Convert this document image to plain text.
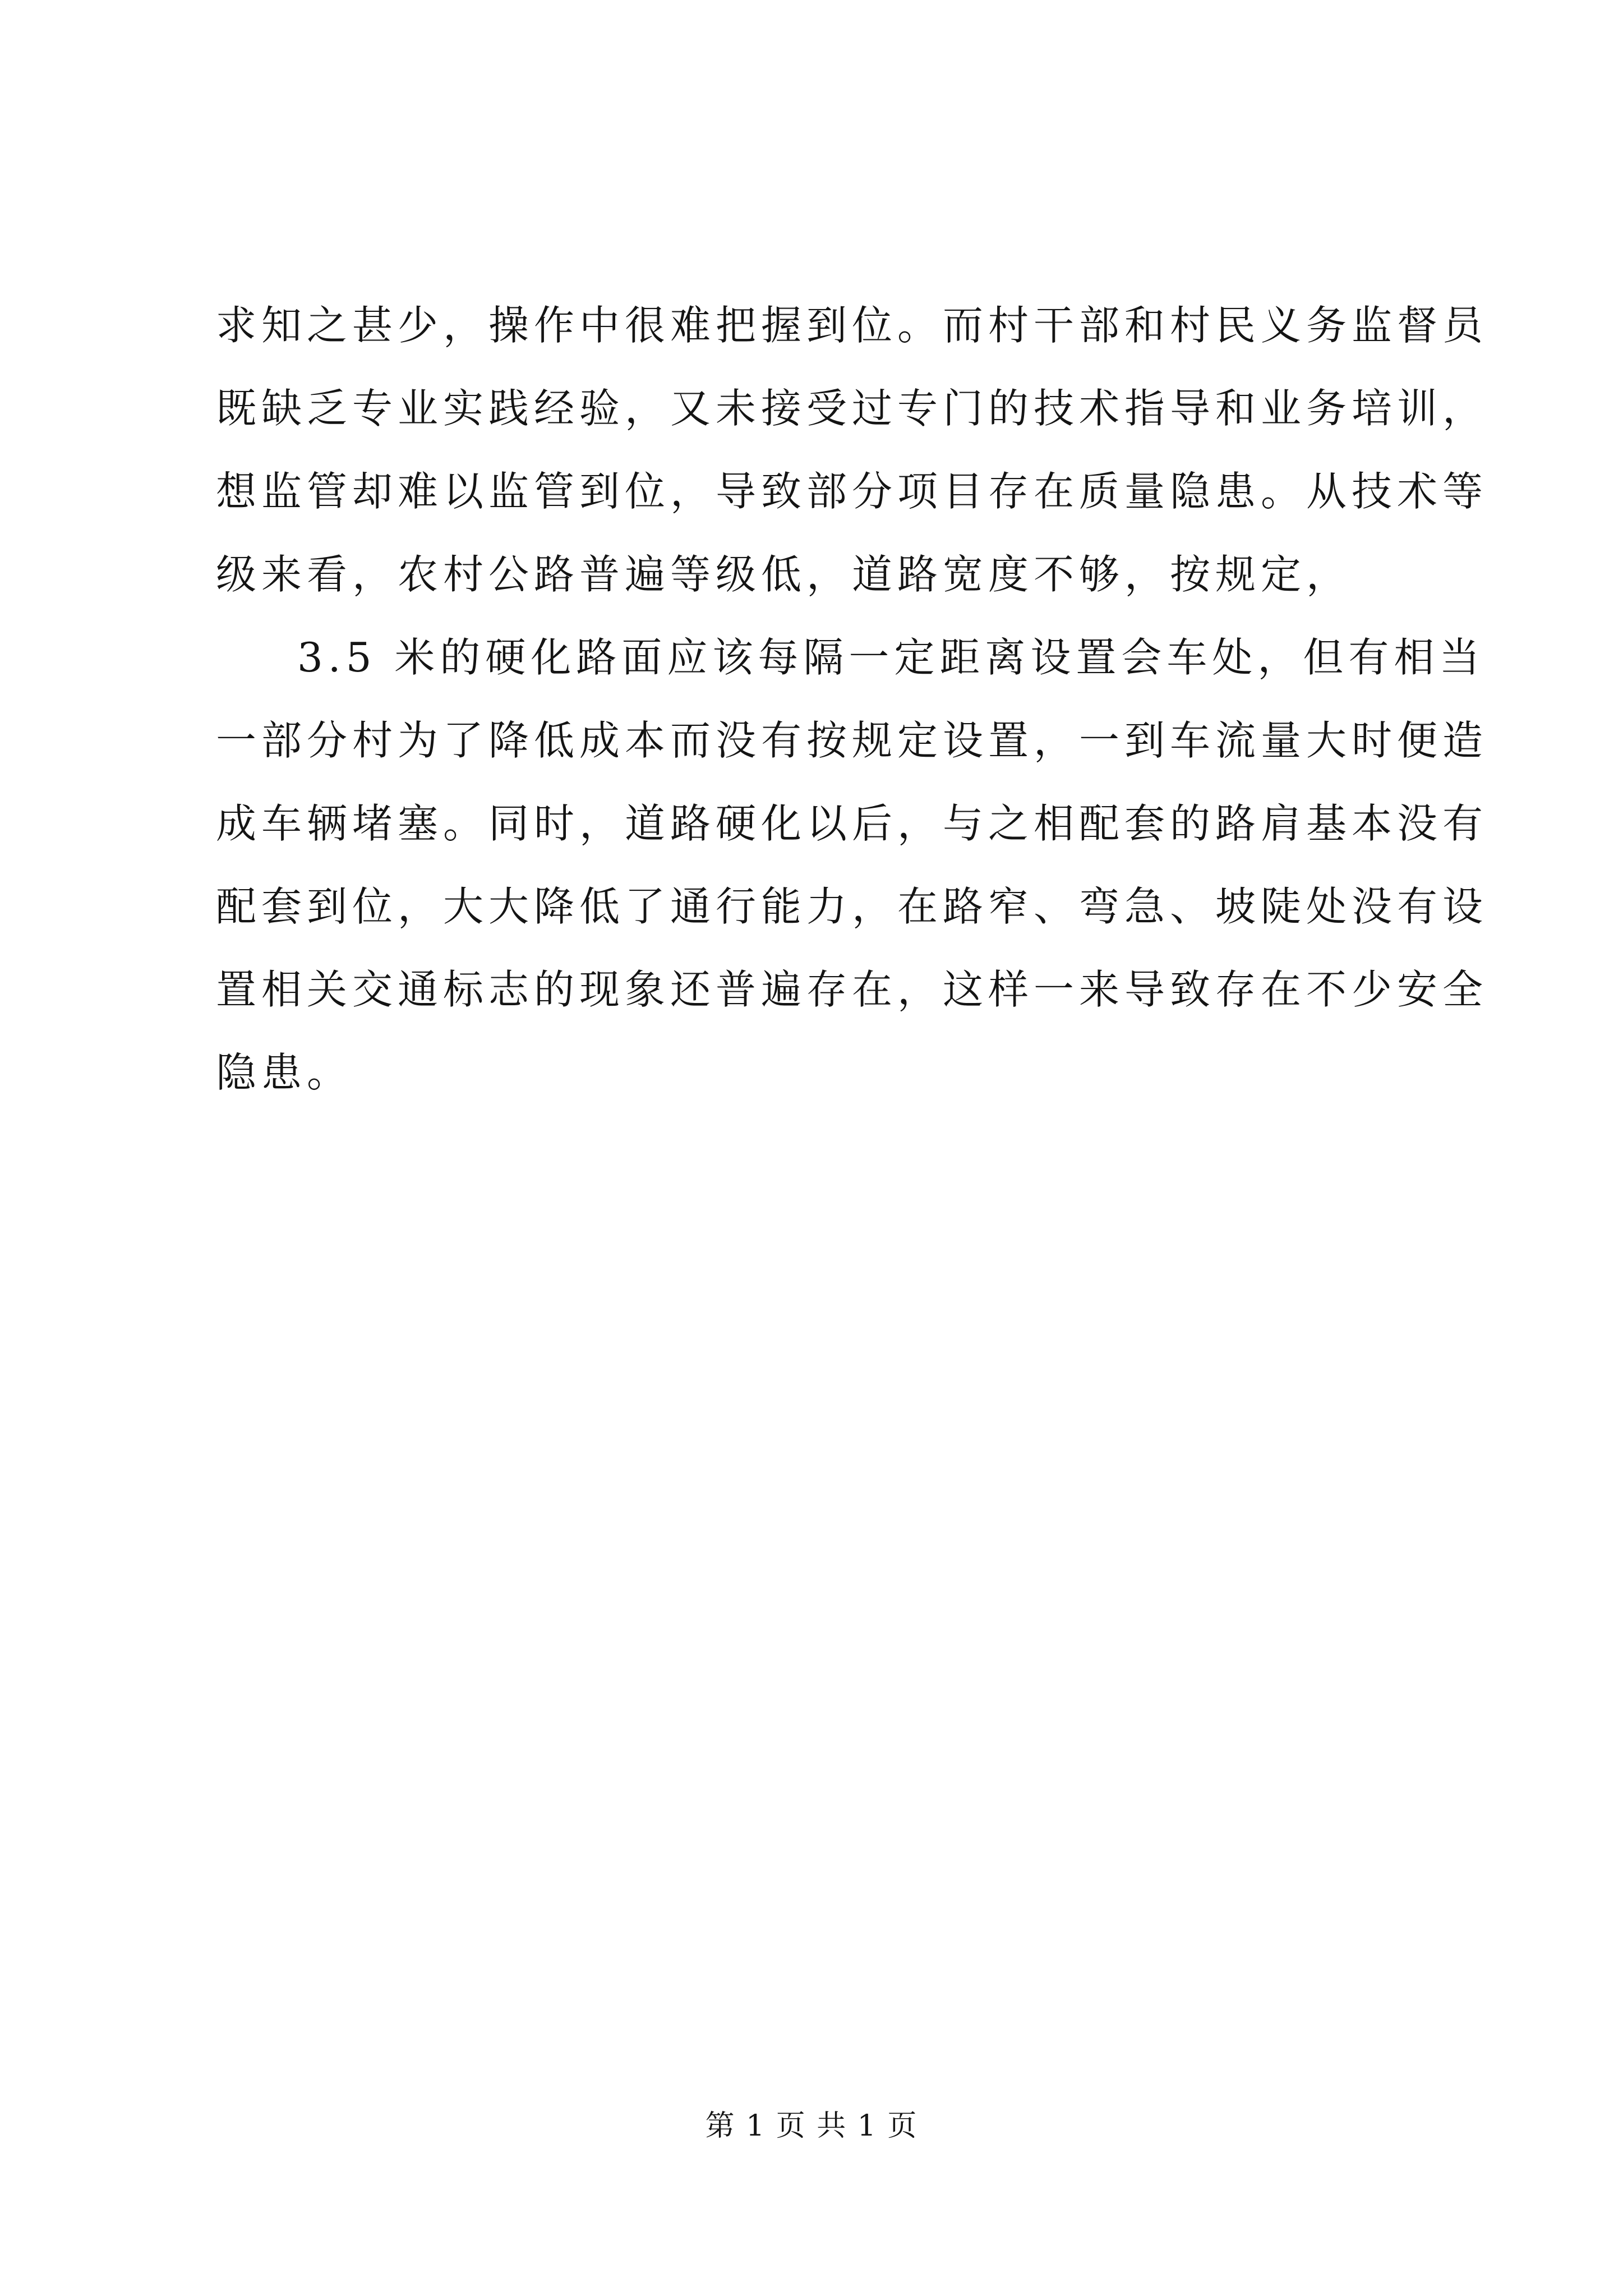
求知之甚少，操作中很难把握到位。而村干部和村民义务监督员
既缺乏专业实践经验，又未接受过专门的技术指导和业务培训，
想监管却难以监管到位，导致部分项目存在质量隐患。从技术等
级来看，农村公路普遍等级低，道路宽度不够，按规定，
3.5 米的硬化路面应该每隔一定距离设置会车处，但有相当
一部分村为了降低成本而没有按规定设置，一到车流量大时便造
成车辆堵塞。同时，道路硬化以后，与之相配套的路肩基本没有
配套到位，大大降低了通行能力，在路窄、弯急、坡陡处没有设
置相关交通标志的现象还普遍存在，这样一来导致存在不少安全
隐患。
第 1 页 共 1 页
